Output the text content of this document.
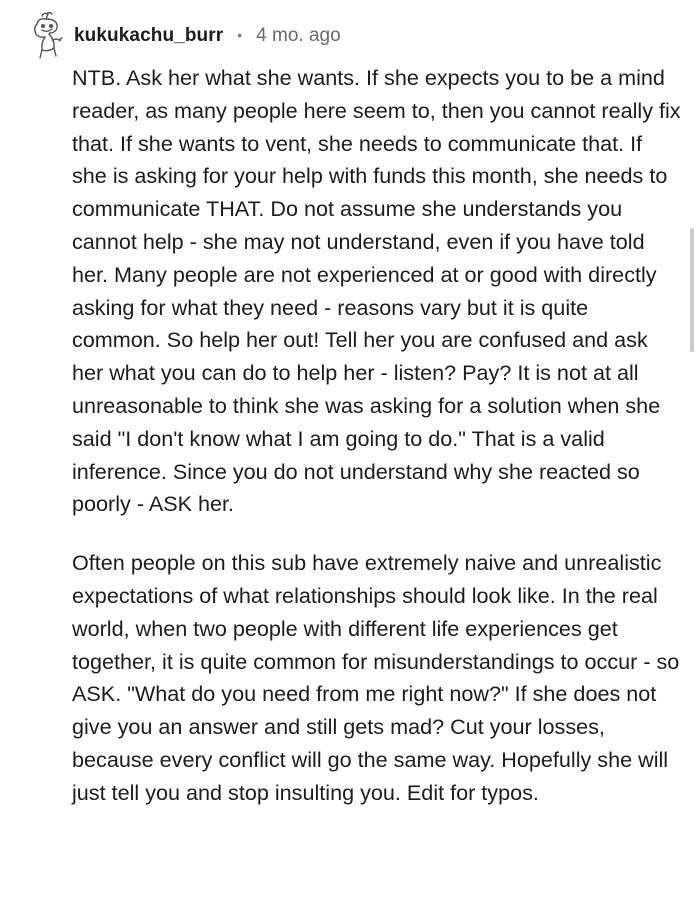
kukukachu_burr • 4 mo. ago

NTB. Ask her what she wants. If she expects you to be a mind reader, as many people here seem to, then you cannot really fix that. If she wants to vent, she needs to communicate that. If she is asking for your help with funds this month, she needs to communicate THAT. Do not assume she understands you cannot help - she may not understand, even if you have told her. Many people are not experienced at or good with directly asking for what they need - reasons vary but it is quite common. So help her out! Tell her you are confused and ask her what you can do to help her - listen? Pay? It is not at all unreasonable to think she was asking for a solution when she said "I don't know what I am going to do." That is a valid inference. Since you do not understand why she reacted so poorly - ASK her.

Often people on this sub have extremely naive and unrealistic expectations of what relationships should look like. In the real world, when two people with different life experiences get together, it is quite common for misunderstandings to occur - so ASK. "What do you need from me right now?" If she does not give you an answer and still gets mad? Cut your losses, because every conflict will go the same way. Hopefully she will just tell you and stop insulting you. Edit for typos.
